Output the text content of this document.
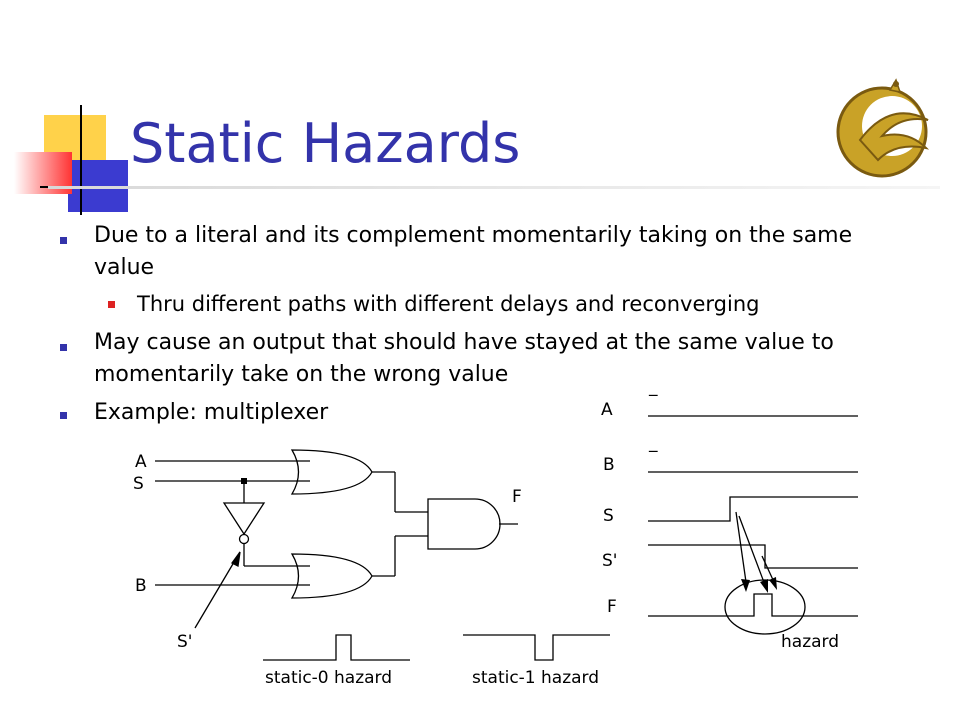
Static Hazards
Due to a literal and its complement momentarily taking on the same value
Thru different paths with different delays and reconverging
May cause an output that should have stayed at the same value to momentarily take on the wrong value
Example: multiplexer
A
S
B
S'
F
static-0 hazard	static-1 hazard
_
A
_
B
S
S'
F
hazard
